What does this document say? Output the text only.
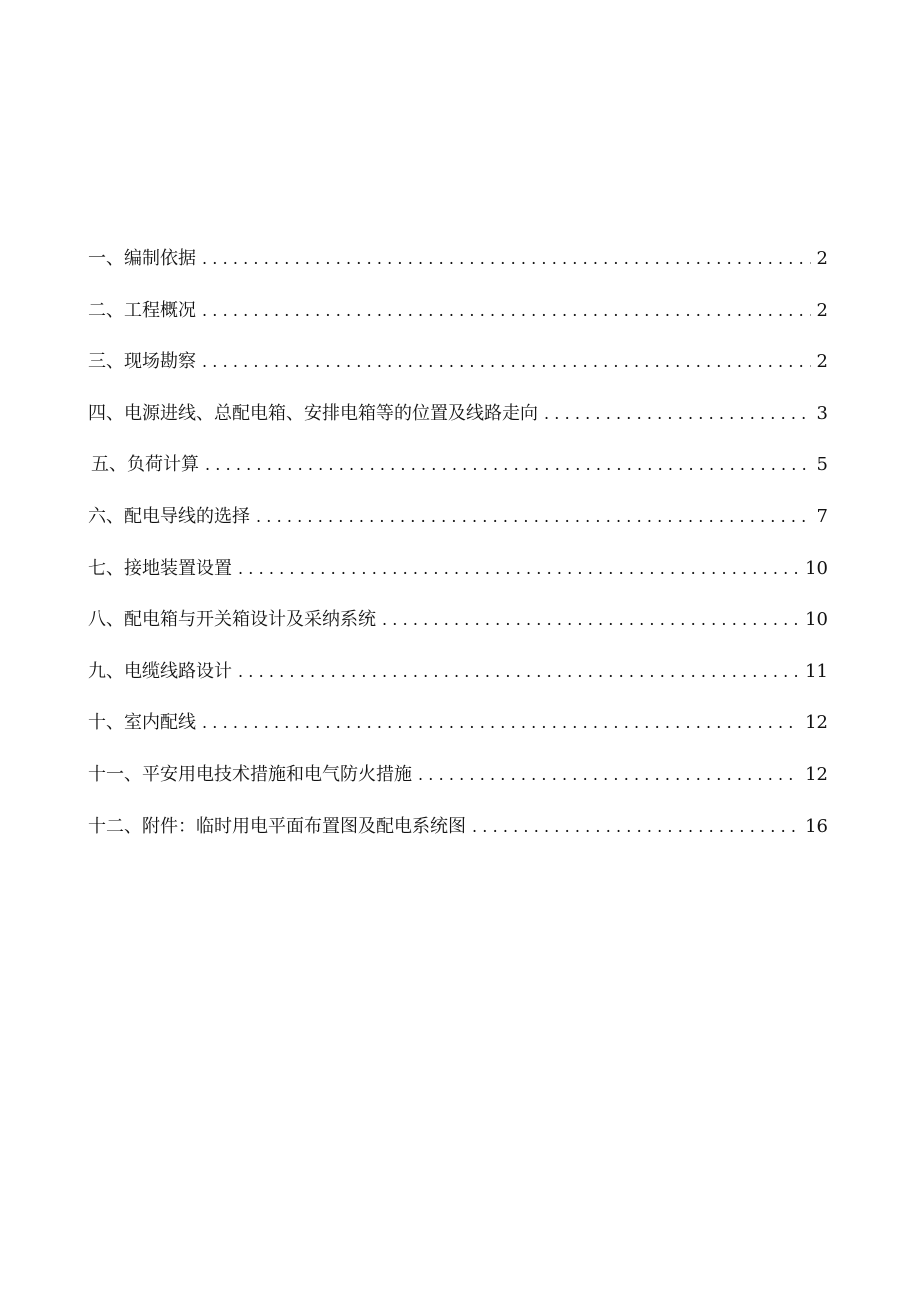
一、编制依据 .....	2
二、工程概况 .....	2
三、现场勘察 .....	2
四、电源进线、总配电箱、安排电箱等的位置及线路走向 .....	3
五、负荷计算 .....	5
六、配电导线的选择 .....	7
七、接地装置设置 .....	10
八、配电箱与开关箱设计及采纳系统 .....	10
九、电缆线路设计 .....	11
十、室内配线 .....	12
十一、平安用电技术措施和电气防火措施 .....	12
十二、附件：临时用电平面布置图及配电系统图 .....	16
